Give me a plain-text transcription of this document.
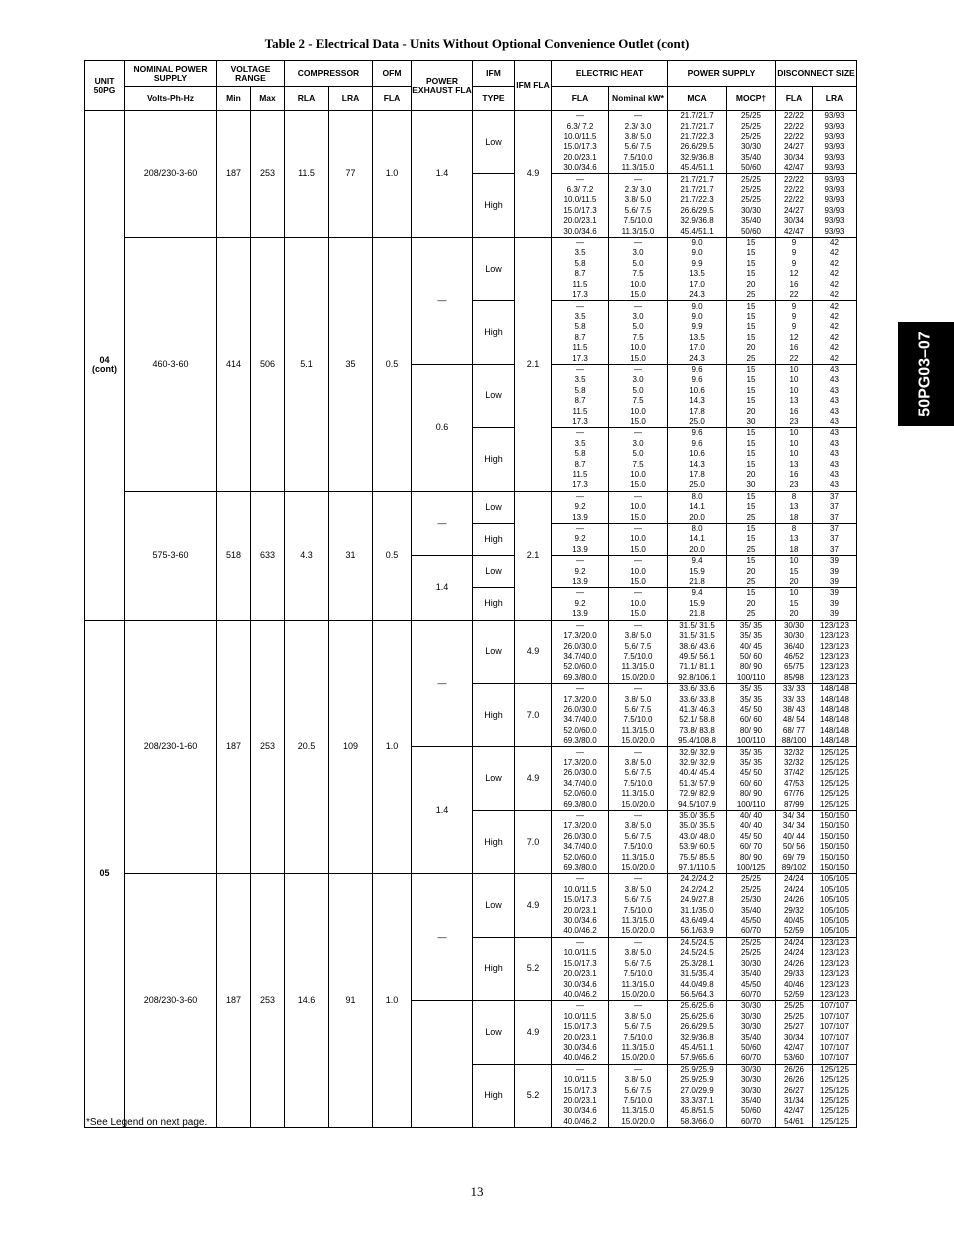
Table 2 - Electrical Data - Units Without Optional Convenience Outlet (cont)
50PG03–07
UNIT 50PG	NOMINAL POWER SUPPLY	VOLTAGE RANGE		COMPRESSOR		OFM	POWER EXHAUST FLA	IFM	IFM FLA	ELECTRIC HEAT		POWER SUPPLY		DISCONNECT SIZE	
	Volts-Ph-Hz	Min	Max	RLA	LRA	FLA		TYPE		FLA	Nominal kW*	MCA	MOCP†	FLA	LRA
04
(cont)	208/230-3-60	187	253	11.5	77	1.0	1.4	Low	4.9	—	—	21.7/21.7	25/25	22/22	93/93
										6.3/ 7.2	2.3/ 3.0	21.7/21.7	25/25	22/22	93/93
										10.0/11.5	3.8/ 5.0	21.7/22.3	25/25	22/22	93/93
										15.0/17.3	5.6/ 7.5	26.6/29.5	30/30	24/27	93/93
										20.0/23.1	7.5/10.0	32.9/36.8	35/40	30/34	93/93
										30.0/34.6	11.3/15.0	45.4/51.1	50/60	42/47	93/93
								High		—	—	21.7/21.7	25/25	22/22	93/93
										6.3/ 7.2	2.3/ 3.0	21.7/21.7	25/25	22/22	93/93
										10.0/11.5	3.8/ 5.0	21.7/22.3	25/25	22/22	93/93
										15.0/17.3	5.6/ 7.5	26.6/29.5	30/30	24/27	93/93
										20.0/23.1	7.5/10.0	32.9/36.8	35/40	30/34	93/93
										30.0/34.6	11.3/15.0	45.4/51.1	50/60	42/47	93/93
	460-3-60	414	506	5.1	35	0.5	—	Low	2.1	—	—	9.0	15	9	42
										3.5	3.0	9.0	15	9	42
										5.8	5.0	9.9	15	9	42
										8.7	7.5	13.5	15	12	42
										11.5	10.0	17.0	20	16	42
										17.3	15.0	24.3	25	22	42
								High		—	—	9.0	15	9	42
										3.5	3.0	9.0	15	9	42
										5.8	5.0	9.9	15	9	42
										8.7	7.5	13.5	15	12	42
										11.5	10.0	17.0	20	16	42
										17.3	15.0	24.3	25	22	42
							0.6	Low		—	—	9.6	15	10	43
										3.5	3.0	9.6	15	10	43
										5.8	5.0	10.6	15	10	43
										8.7	7.5	14.3	15	13	43
										11.5	10.0	17.8	20	16	43
										17.3	15.0	25.0	30	23	43
								High		—	—	9.6	15	10	43
										3.5	3.0	9.6	15	10	43
										5.8	5.0	10.6	15	10	43
										8.7	7.5	14.3	15	13	43
										11.5	10.0	17.8	20	16	43
										17.3	15.0	25.0	30	23	43
	575-3-60	518	633	4.3	31	0.5	—	Low	2.1	—	—	8.0	15	8	37
										9.2	10.0	14.1	15	13	37
										13.9	15.0	20.0	25	18	37
								High		—	—	8.0	15	8	37
										9.2	10.0	14.1	15	13	37
										13.9	15.0	20.0	25	18	37
							1.4	Low		—	—	9.4	15	10	39
										9.2	10.0	15.9	20	15	39
										13.9	15.0	21.8	25	20	39
								High		—	—	9.4	15	10	39
										9.2	10.0	15.9	20	15	39
										13.9	15.0	21.8	25	20	39
05	208/230-1-60	187	253	20.5	109	1.0	—	Low	4.9	—	—	31.5/ 31.5	35/ 35	30/30	123/123
										17.3/20.0	3.8/ 5.0	31.5/ 31.5	35/ 35	30/30	123/123
										26.0/30.0	5.6/ 7.5	38.6/ 43.6	40/ 45	36/40	123/123
										34.7/40.0	7.5/10.0	49.5/ 56.1	50/ 60	46/52	123/123
										52.0/60.0	11.3/15.0	71.1/ 81.1	80/ 90	65/75	123/123
										69.3/80.0	15.0/20.0	92.8/106.1	100/110	85/98	123/123
								High	7.0	—	—	33.6/ 33.6	35/ 35	33/ 33	148/148
										17.3/20.0	3.8/ 5.0	33.6/ 33.8	35/ 35	33/ 33	148/148
										26.0/30.0	5.6/ 7.5	41.3/ 46.3	45/ 50	38/ 43	148/148
										34.7/40.0	7.5/10.0	52.1/ 58.8	60/ 60	48/ 54	148/148
										52.0/60.0	11.3/15.0	73.8/ 83.8	80/ 90	68/ 77	148/148
										69.3/80.0	15.0/20.0	95.4/108.8	100/110	88/100	148/148
							1.4	Low	4.9	—	—	32.9/ 32.9	35/ 35	32/32	125/125
										17.3/20.0	3.8/ 5.0	32.9/ 32.9	35/ 35	32/32	125/125
										26.0/30.0	5.6/ 7.5	40.4/ 45.4	45/ 50	37/42	125/125
										34.7/40.0	7.5/10.0	51.3/ 57.9	60/ 60	47/53	125/125
										52.0/60.0	11.3/15.0	72.9/ 82.9	80/ 90	67/76	125/125
										69.3/80.0	15.0/20.0	94.5/107.9	100/110	87/99	125/125
								High	7.0	—	—	35.0/ 35.5	40/ 40	34/ 34	150/150
										17.3/20.0	3.8/ 5.0	35.0/ 35.5	40/ 40	34/ 34	150/150
										26.0/30.0	5.6/ 7.5	43.0/ 48.0	45/ 50	40/ 44	150/150
										34.7/40.0	7.5/10.0	53.9/ 60.5	60/ 70	50/ 56	150/150
										52.0/60.0	11.3/15.0	75.5/ 85.5	80/ 90	69/ 79	150/150
										69.3/80.0	15.0/20.0	97.1/110.5	100/125	89/102	150/150
	208/230-3-60	187	253	14.6	91	1.0	—	Low	4.9	—	—	24.2/24.2	25/25	24/24	105/105
										10.0/11.5	3.8/ 5.0	24.2/24.2	25/25	24/24	105/105
										15.0/17.3	5.6/ 7.5	24.9/27.8	25/30	24/26	105/105
										20.0/23.1	7.5/10.0	31.1/35.0	35/40	29/32	105/105
										30.0/34.6	11.3/15.0	43.6/49.4	45/50	40/45	105/105
										40.0/46.2	15.0/20.0	56.1/63.9	60/70	52/59	105/105
								High	5.2	—	—	24.5/24.5	25/25	24/24	123/123
										10.0/11.5	3.8/ 5.0	24.5/24.5	25/25	24/24	123/123
										15.0/17.3	5.6/ 7.5	25.3/28.1	30/30	24/26	123/123
										20.0/23.1	7.5/10.0	31.5/35.4	35/40	29/33	123/123
										30.0/34.6	11.3/15.0	44.0/49.8	45/50	40/46	123/123
										40.0/46.2	15.0/20.0	56.5/64.3	60/70	52/59	123/123
								Low	4.9	—	—	25.6/25.6	30/30	25/25	107/107
										10.0/11.5	3.8/ 5.0	25.6/25.6	30/30	25/25	107/107
										15.0/17.3	5.6/ 7.5	26.6/29.5	30/30	25/27	107/107
										20.0/23.1	7.5/10.0	32.9/36.8	35/40	30/34	107/107
										30.0/34.6	11.3/15.0	45.4/51.1	50/60	42/47	107/107
										40.0/46.2	15.0/20.0	57.9/65.6	60/70	53/60	107/107
								High	5.2	—	—	25.9/25.9	30/30	26/26	125/125
										10.0/11.5	3.8/ 5.0	25.9/25.9	30/30	26/26	125/125
										15.0/17.3	5.6/ 7.5	27.0/29.9	30/30	26/27	125/125
										20.0/23.1	7.5/10.0	33.3/37.1	35/40	31/34	125/125
										30.0/34.6	11.3/15.0	45.8/51.5	50/60	42/47	125/125
										40.0/46.2	15.0/20.0	58.3/66.0	60/70	54/61	125/125
*See Legend on next page.
13
